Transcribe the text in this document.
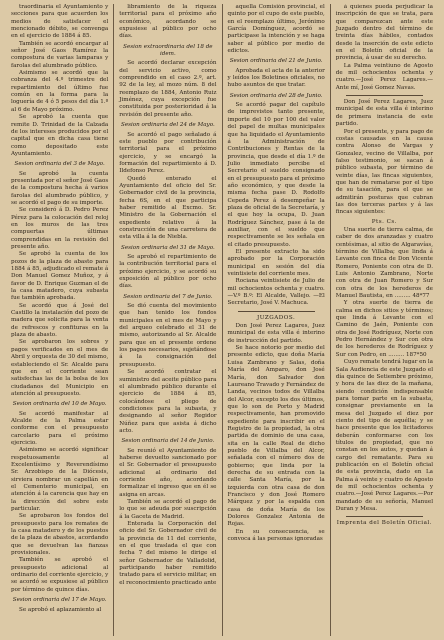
traordinaria el Ayuntamiento y secciones para que acuerden los medios de satisfacer el mencionado débito, se convenga en el ejercicio de 1884 á 85.

También se acordó encargar al señor José Gaos Ramírez la compostura de varias lamparas y farolas del alumbrado público.

Asimismo se acordó que la cobranza del 4.º trimestre del repartimiento del último fue común en la forma para la loguería de 4 ó 5 pesos del día 1.º al 6 de Mayo próximo.

Se aprobó la cuenta que remite D. Trinidad de la Calzada de los intereses producidos por el capital que en dicha casa tiene como depositado este Ayuntamiento.

Sesion ordinaria del 3 de Mayo.

Se aprobó la cuenta presentada por el señor José Gaos de la compostura hecha á varios farolas del alumbrado público, y se acordó el pago de su importe.

Se consideró á D. Pedro Perez Pérez para la colocación del reloj en los muros de las tres compuertas últimas comprendidas en la revisión del presente año.

Se aprobó la cuenta de los pozos de la plaza de abasto para 1884 á 85, adjudicado el remate á Don Manuel Gomez Muñoz, y á favor de D. Enrique Guzman el de la casa matadero, cuya subasta fue también aprobada.

Se acordó que á José del Castillo la instalación del pozo de madera que solicita para la venta de refrescos y confituras en la plaza de abasto.

Se aprobaron los sobres y pagos verificados en el mes de Abril y orquesta de 30 del mismo, estableciendo el Sr. Alcalde para que en el corriente sean satisfechas las de la bolsa de los ciudadanos del Municipio en atención al presupuesto.

Sesion ordinaria del 10 de Mayo.

Se acordó manifestar al Alcalde de la Palma estar conforme con el presupuesto carcelario para el próximo ejercicio.

Asimismo se acordó significar respetuosamente al Excelentísimo y Reverendísimo Sr. Arzobispo de la Diócesis, sirviera nombrar un capellán en el Cementerio municipal, en atención á la carencia que hay en la dirección del sobre este particular.

Se aprobaron los fondos del presupuesto para los remates de la casa matadero y de los puestos de la plaza de abastos, acordando que se devuelvan las fianzas provisionales.

También se aprobó el presupuesto adicional al ordinario del corriente ejercicio, y se acordó se expusiese al público por término de quince días.

Sesion ordinaria del 17 de Mayo.

Se aprobó el aplazamiento al

libramiento de la riqueza territorial para el próximo año económico, acordando se expusiese al público por ocho días.

Sesion extraordinaria del 18 de idem.

Se acordó declarar excepción del servicio activo, como comprendido en el caso 2.º, art. 92 de la ley, al mozo núm. 8 del reemplazo de 1884, Antonio Ruiz Jiménez, cuya excepción fue constituida por posterioridad á la revisión del presente año.

Sesion ordinaria del 24 de Mayo.

Se acordó el pago señalado á este pueblo por contribución territorial para el próximo ejercicio, y se encargó la formación del repartimiento á D. Ildefonso Perez.

Quedó enterado el Ayuntamiento del oficio del Sr. Gobernador civil de la provincia, fecha 6S, en el que participa haber remitido al Excmo. Sr. Ministro de la Gobernación el expediente relativo á la construcción de una carretera de esta villa á la de Niebla.

Sesion ordinaria del 31 de Mayo.

Se aprobó el repartimiento de la contribución territorial para el próximo ejercicio, y se acordó su exposición al público por ocho días.

Sesion ordinaria del 7 de Junio.

Se dió cuenta del movimiento que han tenido los fondos municipales en el mes de Mayo y del arqueo celebrado el 31 de mismo, autorizando al Sr. Alcalde para que en el presente ordene los pagos necesarios, sujetándose á la consignación del presupuesto.

Se acordó contratar el suministro del aceite público para el alumbrado público durante el ejercicio de 1884 á 85, colocándose el pliego de condiciones para la subasta, y designando al señor Regidor Núñez para que asista á dicho acto.

Sesion ordinaria del 14 de Junio.

Se reunió el Ayuntamiento de haberse devuelto sancionado por el Sr. Gobernador el presupuesto adicional al ordinario del corriente año, acordando formalizar el ingreso que en él se asigna en arcas.

También se acordó el pago de lo que se adeuda por suscripción á la Gaceta de Madrid.

Enterada la Corporación del oficio del Sr. Gobernador civil de la provincia de 11 del corriente, en el que traslada el que con fecha 7 del mismo le dirige el señor Gobernador de Valladolid, participando haber remitido tratado para el servicio militar, en el reconocimiento practicado ante

aquella Comisión provincial, el quinto por el cupo de este pueblo, en el reemplazo último, Jerónimo García Domínguez, acordó se participase la intención y se haga saber al público por medio de edictos.

Sesion ordinaria del 21 de Junio.

Aprobada el acta de la anterior y leídos los Boletines oficiales, no hubo asuntos de que tratar.

Sesion ordinaria del 28 de Junio.

Se acordó pagar del capítulo de imprevistos tanto presente, importe del 10 por 100 del valor del papel de multas municipales que ha liquidado el Ayuntamiento á la Administración de Contribuciones y Rentas de la provincia, que desde el día 1.º de Julio inmediato percibe el Secretario el sueldo consignado en el presupuesto para el próximo año económico, y que desde la misma fecha pase D. Rodolfo Cepeda Perez á desempeñar la plaza de oficial de la Secretaría, y el que hoy la ocupa, D. Juan Rodríguez Sánchez, pase á la de auxiliar, con el sueldo que respectivamente se les señala en el citado presupuesto.

El presente extracto ha sido aprobado por la Corporación municipal en sesión del día veintisiete del corriente mes.

Rociana veintisiete de Julio de mil ochocientos ochenta y cuatro.—V.º B.º: El Alcalde, Vallejo. —El Secretario, José V. Machuca.

JUZGADOS.

Don José Perez Lagares, Juez municipal de esta villa é interino de instrucción del partido.

Se hace notorio por medio del presente edicto, que doña María Luisa Zambrano y Salas, doña María del Amparo, don José María, don Salvador don Laureano Travado y Fernández de Landa, vecinos todos de Villalba del Alcor, excepto los dos últimos, que lo son de Porto y Madrid respectivamente, han promovido expediente para inscribir en el Registro de la propiedad, la otra partida de dominio de una casa, sita en la calle Real de dicho pueblo de Villalba del Alcor, señalada con el número dos de gobierno; que linda por la derecha de su entrada con la calle Santa María, por la izquierda con otra casa de don Francisco y don José Romero Márquez y por la espalda con casa de doña María de los Dolores Gonzalez Antonia de Rojas.

En su consecuencia, se convoca á las personas ignoradas

á quienes pueda perjudicar la inscripción de que se trata, para que comparezcan ante este Juzgado dentro del término de treinta días hábiles, contados desde la inserción de este edicto en el Boletín oficial de la provincia, á usar de su derecho.

La Palma veintiuno de Agosto de mil ochocientos ochenta y cuatro.—José Perez Lagares.—Ante mí, José Gomez Navas.

Don José Perez Lagares, Juez municipal de esta villa é interino de primera instancia de este partido.

Por el presente, y para pago de costas causadas en la causa contra Alonso de Vargas y Gonzalez, vecino de Villalba, por falso testimonio, se sacan á público subasta, por término de veinte días, las fincas siguientes, que han de rematarse por el tipo de su tasación, para el que se admitirán posturas que cubran las dos terceras partes y á las fincas siguientes:

Pts. Cs.

Una suerte de tierra calma, de caber de dos aranzadas y cuatro centésimas, al sitio de Algaravías, término de Villalba; que linda á Levante con finca de Don Vicente Romero, Poniente con otra de D. Luis Antonio Zambrano, Norte con otra de Juan Romero y Sur con otra de los herederos de Manuel Bautista, en ......... 48*77

Y otra suerte de tierra de calma en dichos sitios y términos; que linda á Levante con el Camino de Jaén, Poniente con otra de José Rodríguez, Norte con Pedro Hernández y Sur con otra de los herederos de Rodríguez y Sur con Pedro, en ......... 187*50

Cuyo remate tendrá lugar en la Sala Audiencia de este Juzgado el día quince de Setiembre próximo, y hora de las diez de la mañana, siendo condición indispensable para tomar parte en la subasta, consignar previamente en la mesa del Juzgado el diez por ciento del tipo de aquélla; y se hace presente que los licitadores deberán conformarse con los títulos de propiedad, que no constan en los autos, y quedan á cargo del rematante. Para su publicación en el Boletín oficial de esta provincia, dado en La Palma á veinte y cuatro de Agosto de mil ochocientos ochenta y cuatro.—José Perez Lagares.—Por mandado de su señoría, Manuel Duran y Mesa.

Imprenta del Boletín Oficial.
